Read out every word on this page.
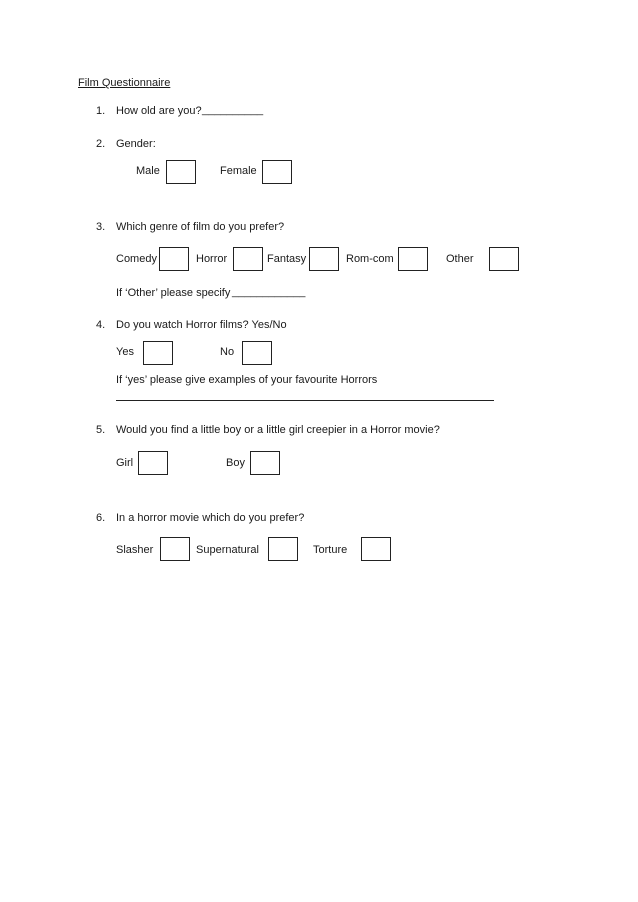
Film Questionnaire
1. How old are you? __________
2. Gender:
Male	Female
3. Which genre of film do you prefer?
Comedy	Horror	Fantasy	Rom-com	Other
If ‘Other’ please specify ____________
4. Do you watch Horror films? Yes/No
Yes	No
If ‘yes’ please give examples of your favourite Horrors
5. Would you find a little boy or a little girl creepier in a Horror movie?
Girl	Boy
6. In a horror movie which do you prefer?
Slasher	Supernatural	Torture
